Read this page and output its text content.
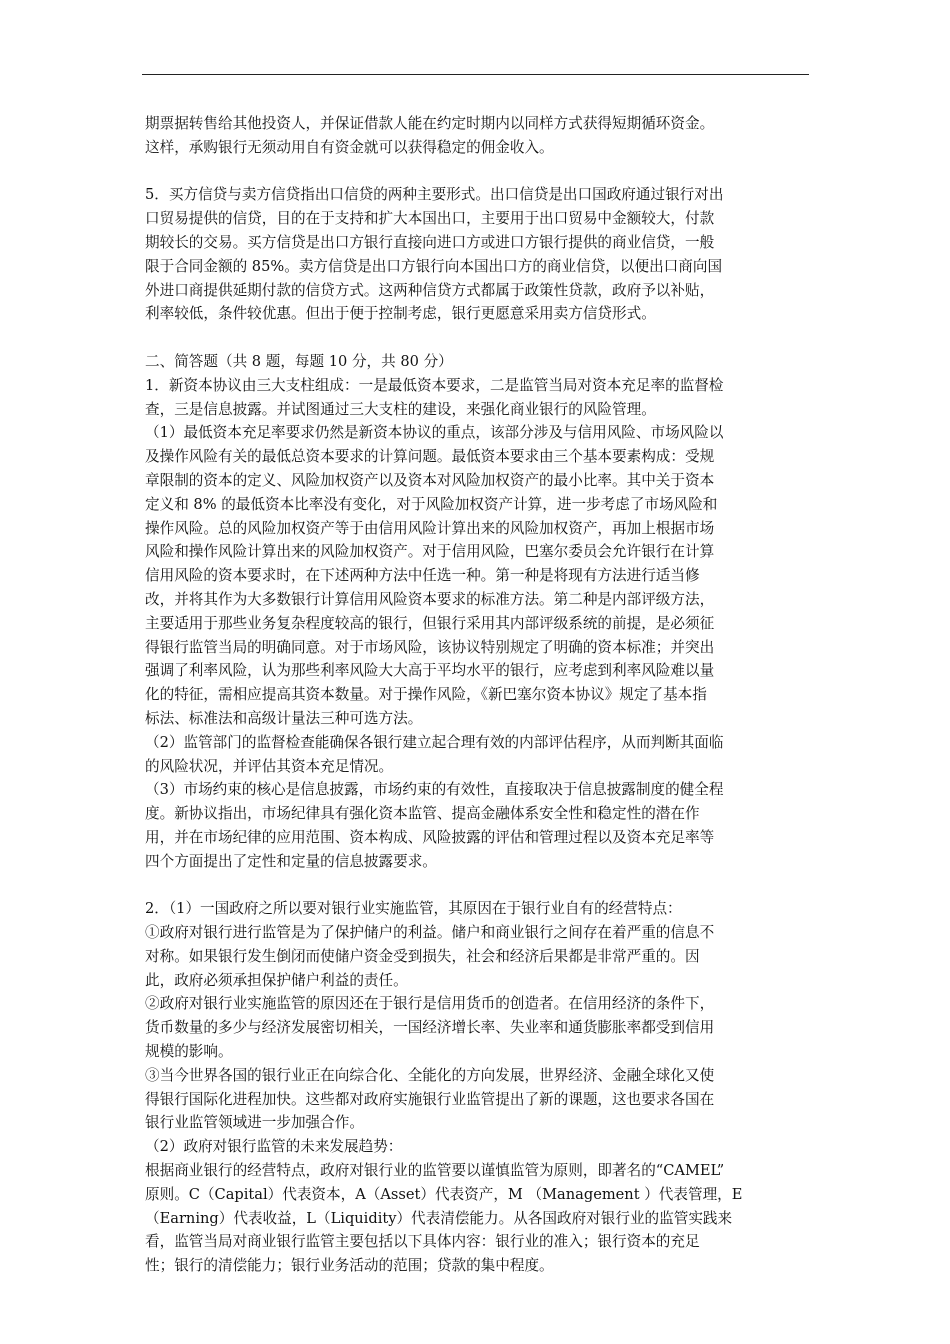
期票据转售给其他投资人，并保证借款人能在约定时期内以同样方式获得短期循环资金。
这样，承购银行无须动用自有资金就可以获得稳定的佣金收入。
5．买方信贷与卖方信贷指出口信贷的两种主要形式。出口信贷是出口国政府通过银行对出
口贸易提供的信贷，目的在于支持和扩大本国出口，主要用于出口贸易中金额较大，付款
期较长的交易。买方信贷是出口方银行直接向进口方或进口方银行提供的商业信贷，一般
限于合同金额的 85%。卖方信贷是出口方银行向本国出口方的商业信贷，以便出口商向国
外进口商提供延期付款的信贷方式。这两种信贷方式都属于政策性贷款，政府予以补贴，
利率较低，条件较优惠。但出于便于控制考虑，银行更愿意采用卖方信贷形式。
二、简答题（共 8 题，每题 10 分，共 80 分）
1．新资本协议由三大支柱组成：一是最低资本要求，二是监管当局对资本充足率的监督检
查，三是信息披露。并试图通过三大支柱的建设，来强化商业银行的风险管理。
（1）最低资本充足率要求仍然是新资本协议的重点，该部分涉及与信用风险、市场风险以
及操作风险有关的最低总资本要求的计算问题。最低资本要求由三个基本要素构成：受规
章限制的资本的定义、风险加权资产以及资本对风险加权资产的最小比率。其中关于资本
定义和 8% 的最低资本比率没有变化，对于风险加权资产计算，进一步考虑了市场风险和
操作风险。总的风险加权资产等于由信用风险计算出来的风险加权资产，再加上根据市场
风险和操作风险计算出来的风险加权资产。对于信用风险，巴塞尔委员会允许银行在计算
信用风险的资本要求时，在下述两种方法中任选一种。第一种是将现有方法进行适当修
改，并将其作为大多数银行计算信用风险资本要求的标准方法。第二种是内部评级方法，
主要适用于那些业务复杂程度较高的银行，但银行采用其内部评级系统的前提，是必须征
得银行监管当局的明确同意。对于市场风险，该协议特别规定了明确的资本标准；并突出
强调了利率风险，认为那些利率风险大大高于平均水平的银行，应考虑到利率风险难以量
化的特征，需相应提高其资本数量。对于操作风险，《新巴塞尔资本协议》规定了基本指
标法、标准法和高级计量法三种可选方法。
（2）监管部门的监督检查能确保各银行建立起合理有效的内部评估程序，从而判断其面临
的风险状况，并评估其资本充足情况。
（3）市场约束的核心是信息披露，市场约束的有效性，直接取决于信息披露制度的健全程
度。新协议指出，市场纪律具有强化资本监管、提高金融体系安全性和稳定性的潜在作
用，并在市场纪律的应用范围、资本构成、风险披露的评估和管理过程以及资本充足率等
四个方面提出了定性和定量的信息披露要求。
2．（1）一国政府之所以要对银行业实施监管，其原因在于银行业自有的经营特点：
①政府对银行进行监管是为了保护储户的利益。储户和商业银行之间存在着严重的信息不
对称。如果银行发生倒闭而使储户资金受到损失，社会和经济后果都是非常严重的。因
此，政府必须承担保护储户利益的责任。
②政府对银行业实施监管的原因还在于银行是信用货币的创造者。在信用经济的条件下，
货币数量的多少与经济发展密切相关，一国经济增长率、失业率和通货膨胀率都受到信用
规模的影响。
③当今世界各国的银行业正在向综合化、全能化的方向发展，世界经济、金融全球化又使
得银行国际化进程加快。这些都对政府实施银行业监管提出了新的课题，这也要求各国在
银行业监管领域进一步加强合作。
（2）政府对银行监管的未来发展趋势：
根据商业银行的经营特点，政府对银行业的监管要以谨慎监管为原则，即著名的“CAMEL”
原则。C（Capital）代表资本，A（Asset）代表资产，M （Management ）代表管理，E
（Earning）代表收益，L（Liquidity）代表清偿能力。从各国政府对银行业的监管实践来
看，监管当局对商业银行监管主要包括以下具体内容：银行业的准入；银行资本的充足
性；银行的清偿能力；银行业务活动的范围；贷款的集中程度。
